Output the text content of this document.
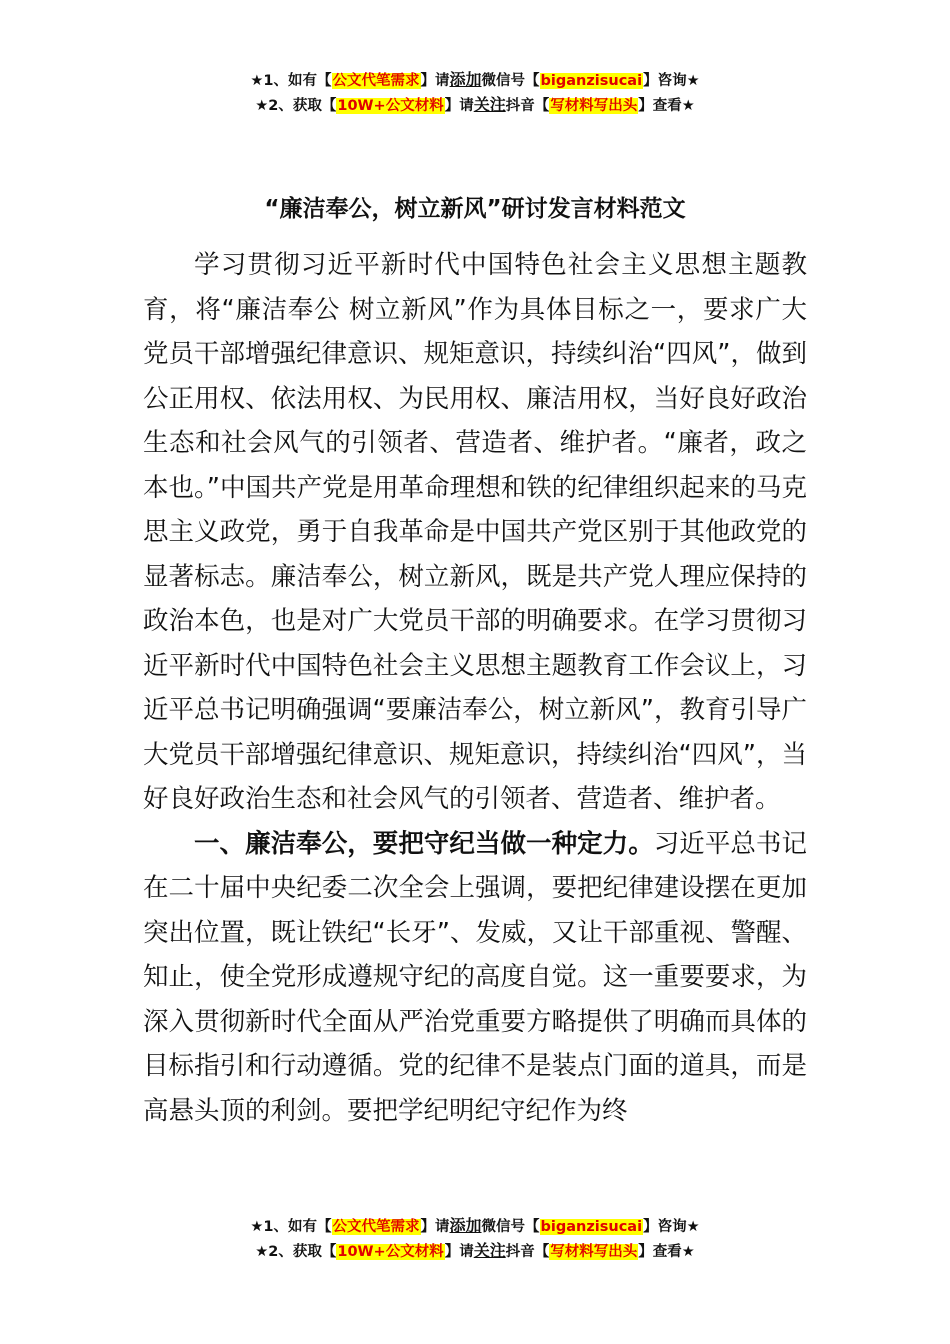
★1、如有【公文代笔需求】请添加微信号【biganzisucai】咨询★
★2、获取【10W+公文材料】请关注抖音【写材料写出头】查看★
“廉洁奉公，树立新风”研讨发言材料范文

学习贯彻习近平新时代中国特色社会主义思想主题教育，将“廉洁奉公 树立新风”作为具体目标之一，要求广大党员干部增强纪律意识、规矩意识，持续纠治“四风”，做到公正用权、依法用权、为民用权、廉洁用权，当好良好政治生态和社会风气的引领者、营造者、维护者。“廉者，政之本也。”中国共产党是用革命理想和铁的纪律组织起来的马克思主义政党，勇于自我革命是中国共产党区别于其他政党的显著标志。廉洁奉公，树立新风，既是共产党人理应保持的政治本色，也是对广大党员干部的明确要求。在学习贯彻习近平新时代中国特色社会主义思想主题教育工作会议上，习近平总书记明确强调“要廉洁奉公，树立新风”，教育引导广大党员干部增强纪律意识、规矩意识，持续纠治“四风”，当好良好政治生态和社会风气的引领者、营造者、维护者。

一、廉洁奉公，要把守纪当做一种定力。习近平总书记在二十届中央纪委二次全会上强调，要把纪律建设摆在更加突出位置，既让铁纪“长牙”、发威，又让干部重视、警醒、知止，使全党形成遵规守纪的高度自觉。这一重要要求，为深入贯彻新时代全面从严治党重要方略提供了明确而具体的目标指引和行动遵循。党的纪律不是装点门面的道具，而是高悬头顶的利剑。要把学纪明纪守纪作为终

★1、如有【公文代笔需求】请添加微信号【biganzisucai】咨询★
★2、获取【10W+公文材料】请关注抖音【写材料写出头】查看★
